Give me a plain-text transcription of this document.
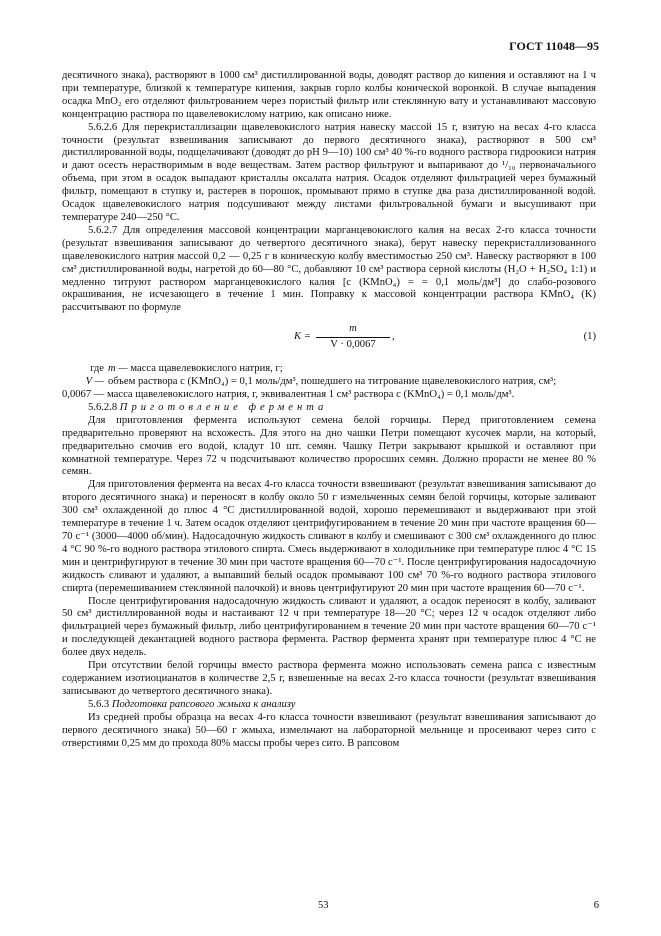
ГОСТ 11048—95

десятичного знака), растворяют в 1000 см³ дистиллированной воды, доводят раствор до кипения и оставляют на 1 ч при температуре, близкой к температуре кипения, закрыв горло колбы конической воронкой. В случае выпадения осадка MnO₂ его отделяют фильтрованием через пористый фильтр или стеклянную вату и устанавливают массовую концентрацию раствора по щавелевокислому натрию, как описано ниже.

5.6.2.6 Для перекристаллизации щавелевокислого натрия навеску массой 15 г, взятую на весах 4-го класса точности (результат взвешивания записывают до первого десятичного знака), растворяют в 500 см³ дистиллированной воды, подщелачивают (доводят до pH 9—10) 100 см³ 40 %-го водного раствора гидроокиси натрия и дают осесть нерастворимым в воде веществам. Затем раствор фильтруют и выпаривают до ¹/₁₀ первоначального объема, при этом в осадок выпадают кристаллы оксалата натрия. Осадок отделяют фильтрацией через бумажный фильтр, помещают в ступку и, растерев в порошок, промывают прямо в ступке два раза дистиллированной водой. Осадок щавелевокислого натрия подсушивают между листами фильтровальной бумаги и высушивают при температуре 240—250 °С.

5.6.2.7 Для определения массовой концентрации марганцевокислого калия на весах 2-го класса точности (результат взвешивания записывают до четвертого десятичного знака), берут навеску перекристаллизованного щавелевокислого натрия массой 0,2 — 0,25 г в коническую колбу вместимостью 250 см³. Навеску растворяют в 100 см³ дистиллированной воды, нагретой до 60—80 °С, добавляют 10 см³ раствора серной кислоты (H₂O + H₂SO₄ 1:1) и медленно титруют раствором марганцевокислого калия [c (KMnO₄) = = 0,1 моль/дм³] до слабо-розового окрашивания, не исчезающего в течение 1 мин. Поправку к массовой концентрации раствора KMnO₄ (K) рассчитывают по формуле

$K = \frac{m}{V \cdot 0,0067}$ ,	(1)
где m — масса щавелевокислого натрия, г;
V — объем раствора c (KMnO₄) = 0,1 моль/дм³, пошедшего на титрование щавелевокислого натрия, см³;

0,0067 — масса щавелевокислого натрия, г, эквивалентная 1 см³ раствора c (KMnO₄) = 0,1 моль/дм³.

5.6.2.8 Приготовление фермента

Для приготовления фермента используют семена белой горчицы. Перед приготовлением семена предварительно проверяют на всхожесть. Для этого на дно чашки Петри помещают кусочек марли, на который, предварительно смочив его водой, кладут 10 шт. семян. Чашку Петри закрывают крышкой и оставляют при комнатной температуре. Через 72 ч подсчитывают количество проросших семян. Должно прорасти не менее 80 % семян.

Для приготовления фермента на весах 4-го класса точности взвешивают (результат взвешивания записывают до второго десятичного знака) и переносят в колбу около 50 г измельченных семян белой горчицы, которые заливают 300 см³ охлажденной до плюс 4 °С дистиллированной водой, хорошо перемешивают и выдерживают при этой температуре в течение 1 ч. Затем осадок отделяют центрифугированием в течение 20 мин при частоте вращения 60—70 с⁻¹ (3000—4000 об/мин). Надосадочную жидкость сливают в колбу и смешивают с 300 см³ охлажденного до плюс 4 °С 90 %-го водного раствора этилового спирта. Смесь выдерживают в холодильнике при температуре плюс 4 °С 15 мин и центрифугируют в течение 30 мин при частоте вращения 60—70 с⁻¹. После центрифугирования надосадочную жидкость сливают и удаляют, а выпавший белый осадок промывают 100 см³ 70 %-го водного раствора этилового спирта (перемешиванием стеклянной палочкой) и вновь центрифугируют 20 мин при частоте вращения 60—70 с⁻¹.

После центрифугирования надосадочную жидкость сливают и удаляют, а осадок переносят в колбу, заливают 50 см³ дистиллированной воды и настаивают 12 ч при температуре 18—20 °С; через 12 ч осадок отделяют либо фильтрацией через бумажный фильтр, либо центрифугированием в течение 20 мин при частоте вращения 60—70 с⁻¹ и последующей декантацией водного раствора фермента. Раствор фермента хранят при температуре плюс 4 °С не более двух недель.

При отсутствии белой горчицы вместо раствора фермента можно использовать семена рапса с известным содержанием изотиоцианатов в количестве 2,5 г, взвешенные на весах 2-го класса точности (результат взвешивания записывают до четвертого десятичного знака).

5.6.3 Подготовка рапсового жмыха к анализу

Из средней пробы образца на весах 4-го класса точности взвешивают (результат взвешивания записывают до первого десятичного знака) 50—60 г жмыха, измельчают на лабораторной мельнице и просеивают через сито с отверстиями 0,25 мм до прохода 80% массы пробы через сито. В рапсовом

53	6
